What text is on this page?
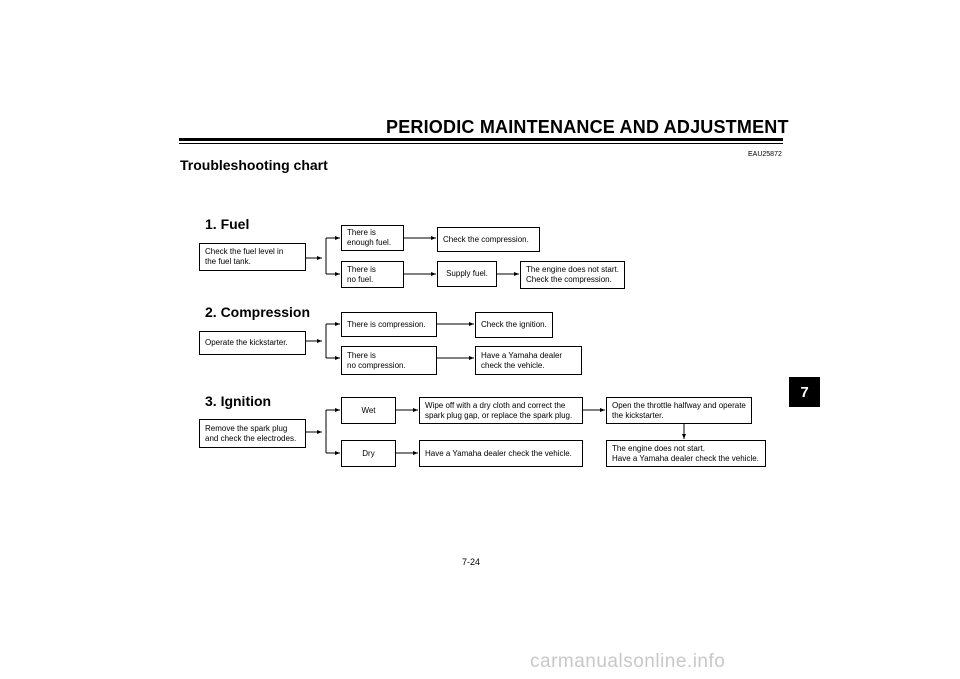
PERIODIC MAINTENANCE AND ADJUSTMENT
EAU25872
Troubleshooting chart
7
1. Fuel
Check the fuel level in
the fuel tank.
There is
enough fuel.	Check the compression.
There is
no fuel.
Supply fuel.	The engine does not start.
Check the compression.
2. Compression
Operate the kickstarter.
There is compression.	Check the ignition.
There is
no compression.
Have a Yamaha dealer
check the vehicle.
3. Ignition
Remove the spark plug
and check the electrodes.
Wet
Wipe off with a dry cloth and correct the
spark plug gap, or replace the spark plug.
Open the throttle halfway and operate
the kickstarter.
The engine does not start.
Have a Yamaha dealer check the vehicle.
Dry	Have a Yamaha dealer check the vehicle.
7-24
carmanualsonline.info
